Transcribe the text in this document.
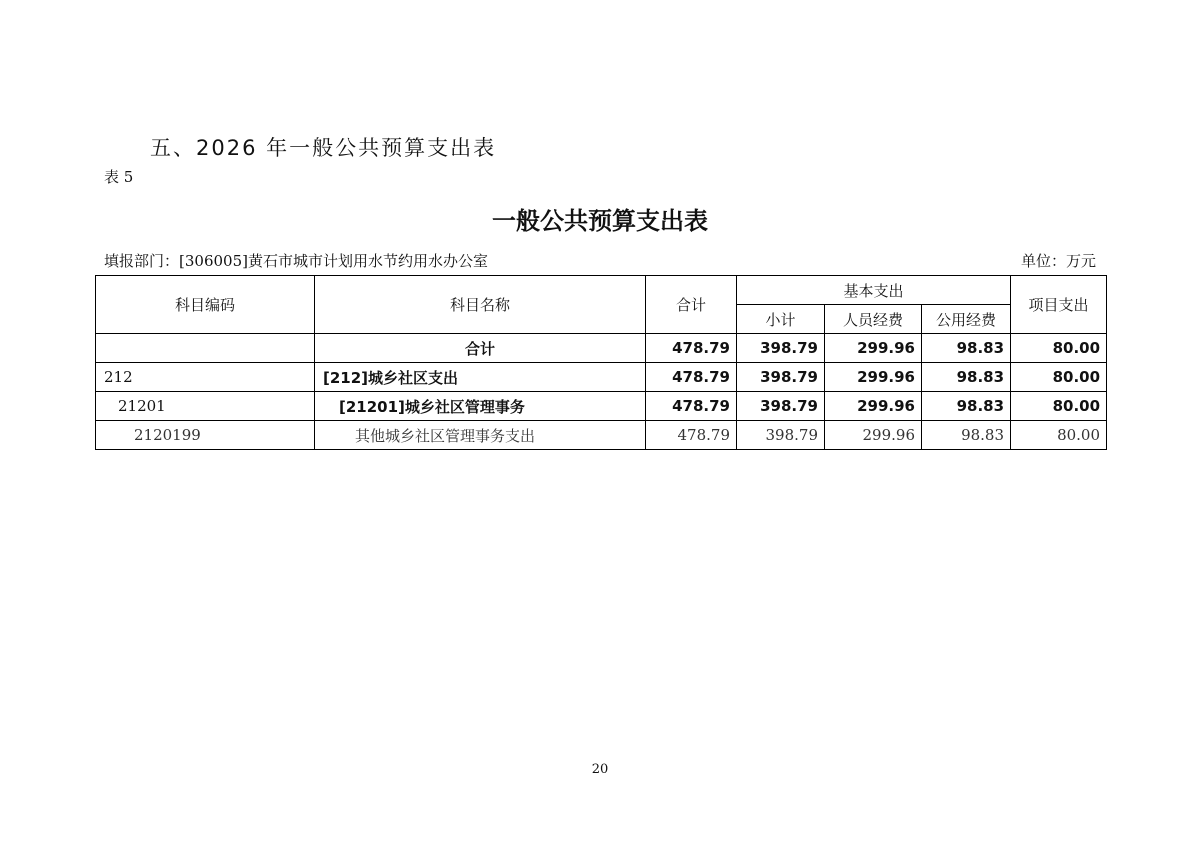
五、2026 年一般公共预算支出表
表 5
一般公共预算支出表
填报部门：[306005]黄石市城市计划用水节约用水办公室	单位：万元
科目编码	科目名称	合计	基本支出			项目支出
			小计	人员经费	公用经费	
	合计	478.79	398.79	299.96	98.83	80.00
212	[212]城乡社区支出	478.79	398.79	299.96	98.83	80.00
21201	[21201]城乡社区管理事务	478.79	398.79	299.96	98.83	80.00
2120199	其他城乡社区管理事务支出	478.79	398.79	299.96	98.83	80.00
20
